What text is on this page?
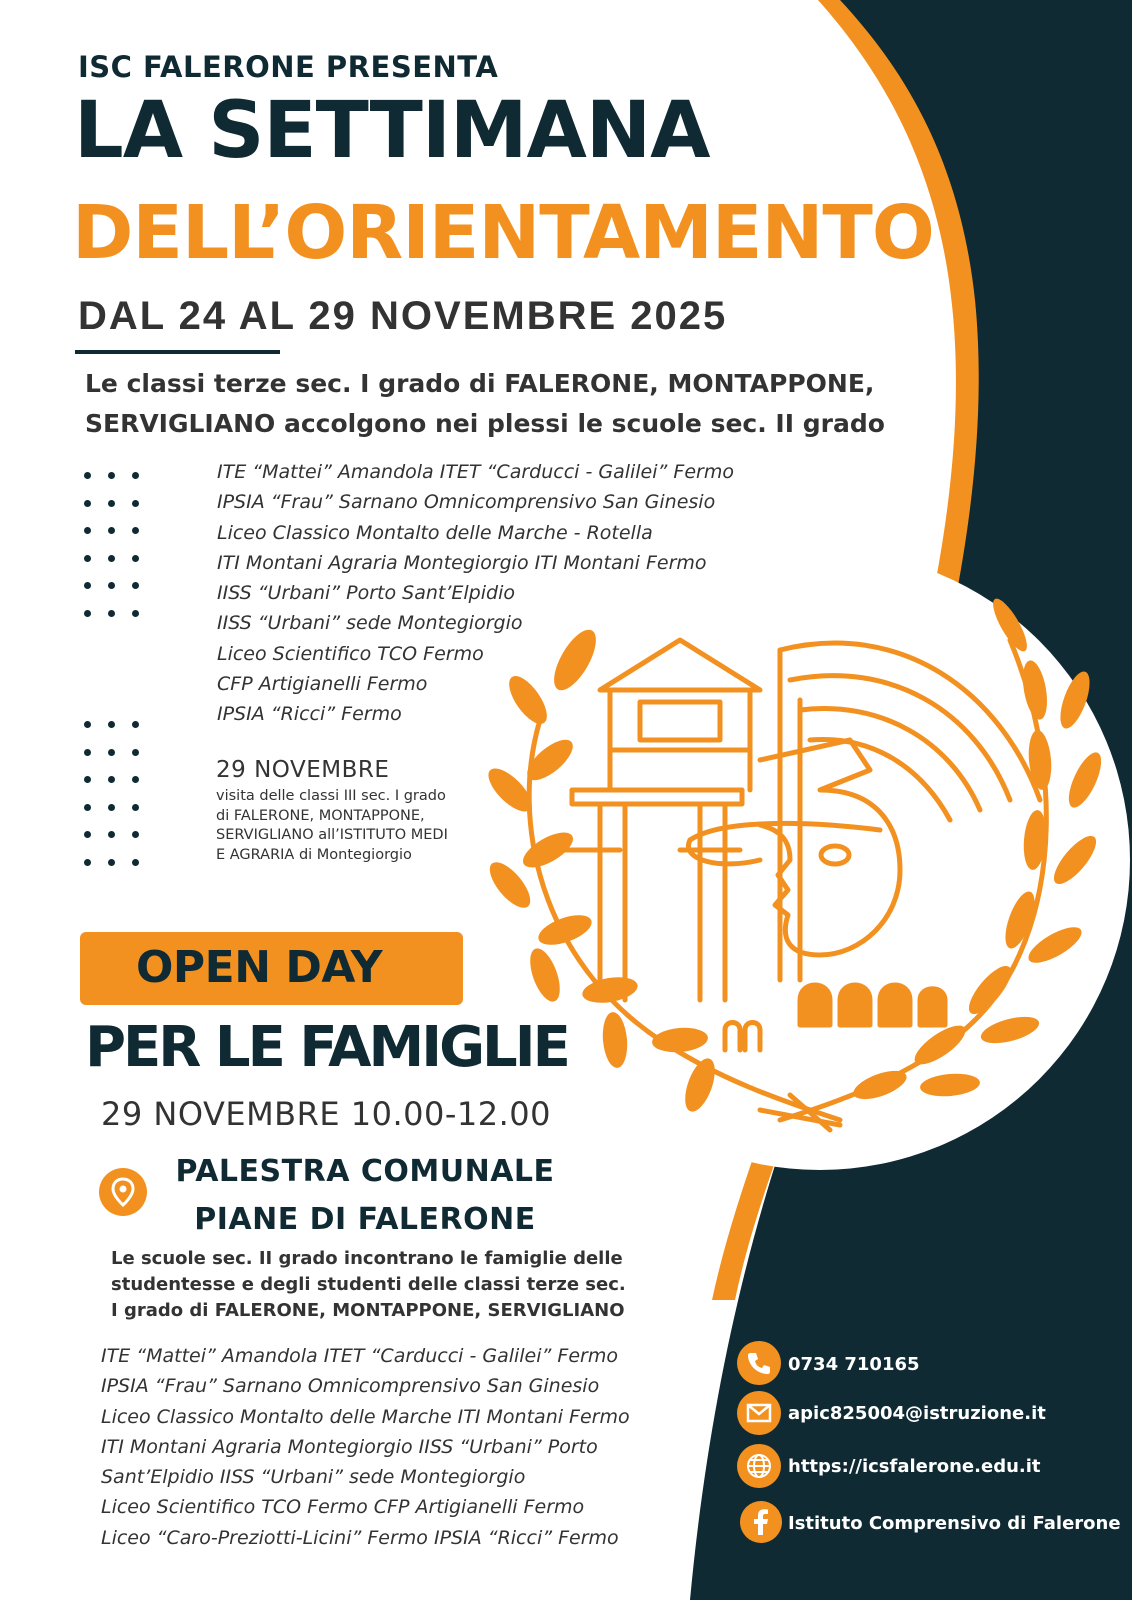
ISC FALERONE PRESENTA
LA SETTIMANA
DELL’ORIENTAMENTO
DAL 24 AL 29 NOVEMBRE 2025
Le classi terze sec. I grado di FALERONE, MONTAPPONE,
SERVIGLIANO accolgono nei plessi le scuole sec. II grado
ITE “Mattei” Amandola ITET “Carducci - Galilei” Fermo
IPSIA “Frau” Sarnano Omnicomprensivo San Ginesio
Liceo Classico Montalto delle Marche - Rotella
ITI Montani Agraria Montegiorgio ITI Montani Fermo
IISS “Urbani” Porto Sant’Elpidio
IISS “Urbani” sede Montegiorgio
Liceo Scientifico TCO Fermo
CFP Artigianelli Fermo
IPSIA “Ricci” Fermo
29 NOVEMBRE
visita delle classi III sec. I grado
di FALERONE, MONTAPPONE,
SERVIGLIANO all’ISTITUTO MEDI
E AGRARIA di Montegiorgio
OPEN DAY
PER LE FAMIGLIE
29 NOVEMBRE 10.00-12.00
PALESTRA COMUNALE
PIANE DI FALERONE
Le scuole sec. II grado incontrano le famiglie delle
studentesse e degli studenti delle classi terze sec.
I grado di FALERONE, MONTAPPONE, SERVIGLIANO
ITE “Mattei” Amandola ITET “Carducci - Galilei” Fermo
IPSIA “Frau” Sarnano Omnicomprensivo San Ginesio
Liceo Classico Montalto delle Marche ITI Montani Fermo
ITI Montani Agraria Montegiorgio IISS “Urbani” Porto
Sant’Elpidio IISS “Urbani” sede Montegiorgio
Liceo Scientifico TCO Fermo CFP Artigianelli Fermo
Liceo “Caro-Preziotti-Licini” Fermo IPSIA “Ricci” Fermo
0734 710165
apic825004@istruzione.it
https://icsfalerone.edu.it
Istituto Comprensivo di Falerone
